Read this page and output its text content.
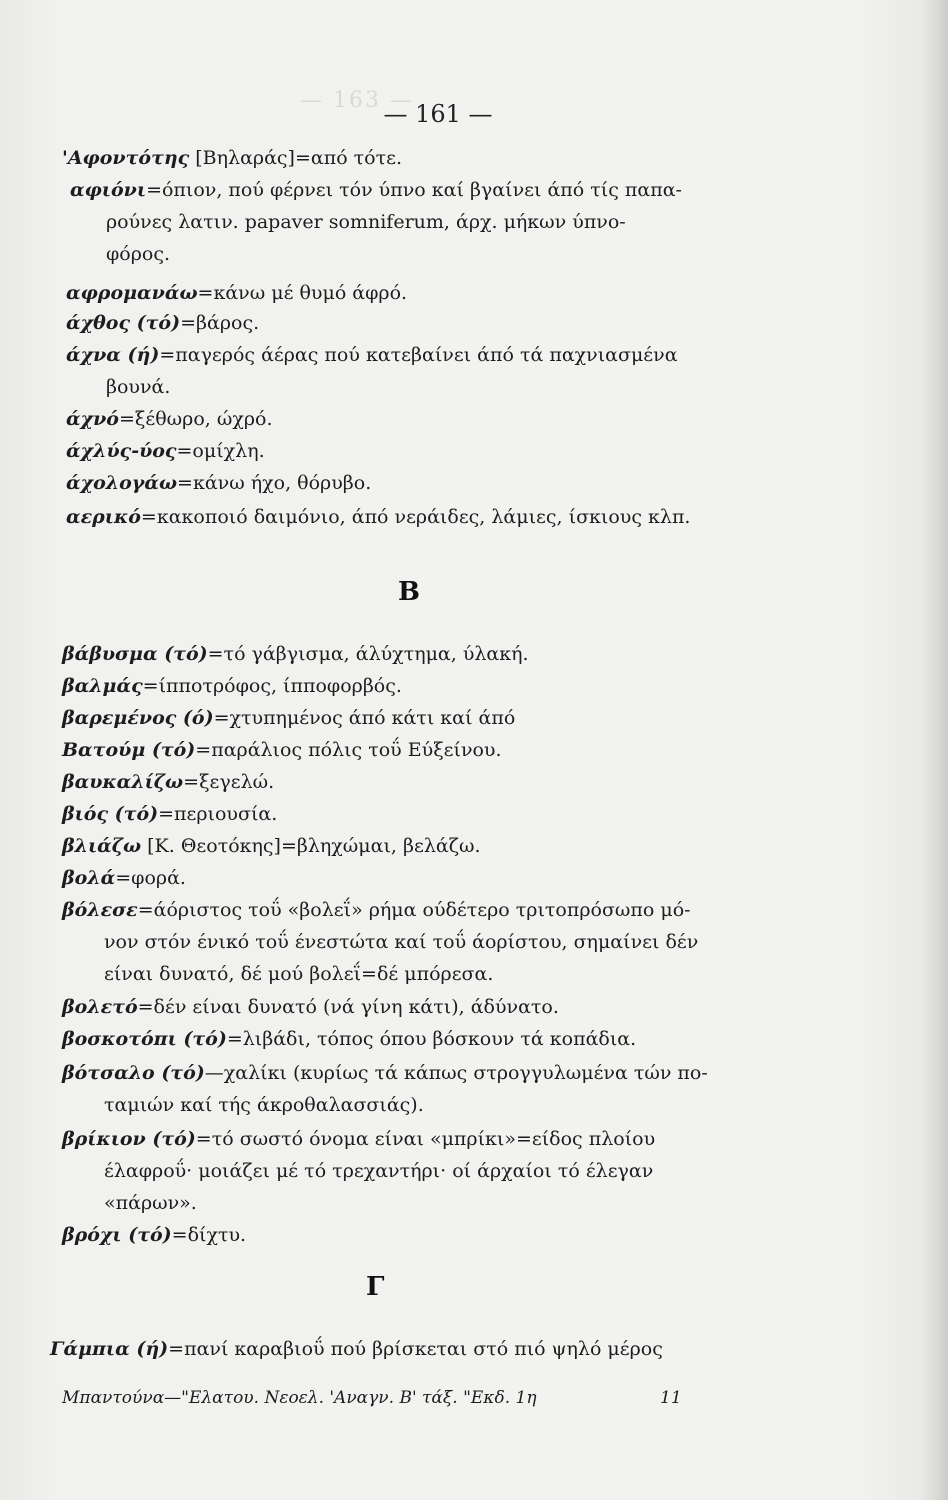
— 163 —
— 161 —
'Αφοντότης [Βηλαράς]=από τότε.
αφιόνι=όπιον, πού φέρνει τόν ύπνο καί βγαίνει άπό τίς παπα-
ρούνες λατιν. papaver somniferum, άρχ. μήκων ύπνο-
φόρος.
αφρομανάω=κάνω μέ θυμό άφρό.
άχθος (τό)=βάρος.
άχνα (ή)=παγερός άέρας πού κατεβαίνει άπό τά παχνιασμένα
βουνά.
άχνό=ξέθωρο, ώχρό.
άχλύς-ύος=ομίχλη.
άχολογάω=κάνω ήχο, θόρυβο.
αερικό=κακοποιό δαιμόνιο, άπό νεράιδες, λάμιες, ίσκιους κλπ.
Β
βάβυσμα (τό)=τό γάβγισμα, άλύχτημα, ύλακή.
βαλμάς=ίπποτρόφος, ίπποφορβός.
βαρεμένος (ό)=χτυπημένος άπό κάτι καί άπό
Βατούμ (τό)=παράλιος πόλις τοΰ Εύξείνου.
βαυκαλίζω=ξεγελώ.
βιός (τό)=περιουσία.
βλιάζω [Κ. Θεοτόκης]=βληχώμαι, βελάζω.
βολά=φορά.
βόλεσε=άόριστος τοΰ «βολεΐ» ρήμα ούδέτερο τριτοπρόσωπο μό-
νον στόν ένικό τοΰ ένεστώτα καί τοΰ άορίστου, σημαίνει δέν
είναι δυνατό, δέ μού βολεΐ=δέ μπόρεσα.
βολετό=δέν είναι δυνατό (νά γίνη κάτι), άδύνατο.
βοσκοτόπι (τό)=λιβάδι, τόπος όπου βόσκουν τά κοπάδια.
βότσαλο (τό)—χαλίκι (κυρίως τά κάπως στρογγυλωμένα τών πο-
ταμιών καί τής άκροθαλασσιάς).
βρίκιον (τό)=τό σωστό όνομα είναι «μπρίκι»=είδος πλοίου
έλαφροΰ· μοιάζει μέ τό τρεχαντήρι· οί άρχαίοι τό έλεγαν
«πάρων».
βρόχι (τό)=δίχτυ.
Γ
Γάμπια (ή)=πανί καραβιοΰ πού βρίσκεται στό πιό ψηλό μέρος
Μπαντούνα—"Ελατου. Νεοελ. 'Αναγν. Β' τάξ. "Εκδ. 1η	11
